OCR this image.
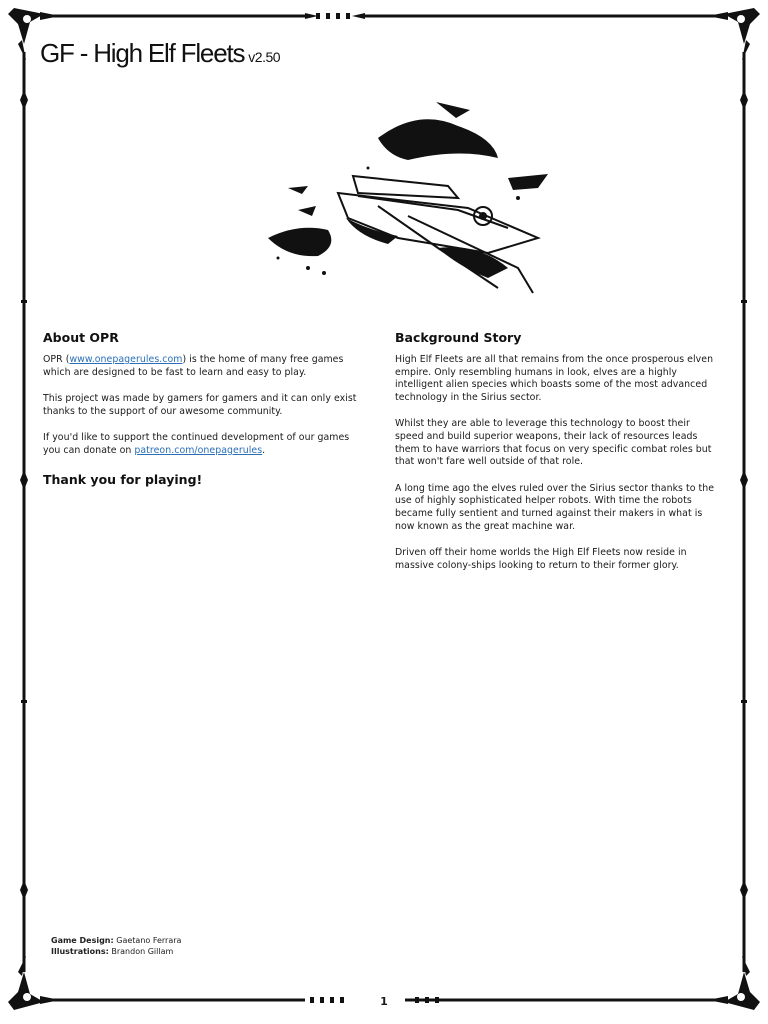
GF - High Elf Fleets v2.50
About OPR

OPR (www.onepagerules.com) is the home of many free games which are designed to be fast to learn and easy to play.

This project was made by gamers for gamers and it can only exist thanks to the support of our awesome community.

If you'd like to support the continued development of our games you can donate on patreon.com/onepagerules.

Thank you for playing!
Background Story

High Elf Fleets are all that remains from the once prosperous elven empire. Only resembling humans in look, elves are a highly intelligent alien species which boasts some of the most advanced technology in the Sirius sector.

Whilst they are able to leverage this technology to boost their speed and build superior weapons, their lack of resources leads them to have warriors that focus on very specific combat roles but that won't fare well outside of that role.

A long time ago the elves ruled over the Sirius sector thanks to the use of highly sophisticated helper robots. With time the robots became fully sentient and turned against their makers in what is now known as the great machine war.

Driven off their home worlds the High Elf Fleets now reside in massive colony-ships looking to return to their former glory.

Game Design: Gaetano Ferrara
Illustrations: Brandon Gillam
1
